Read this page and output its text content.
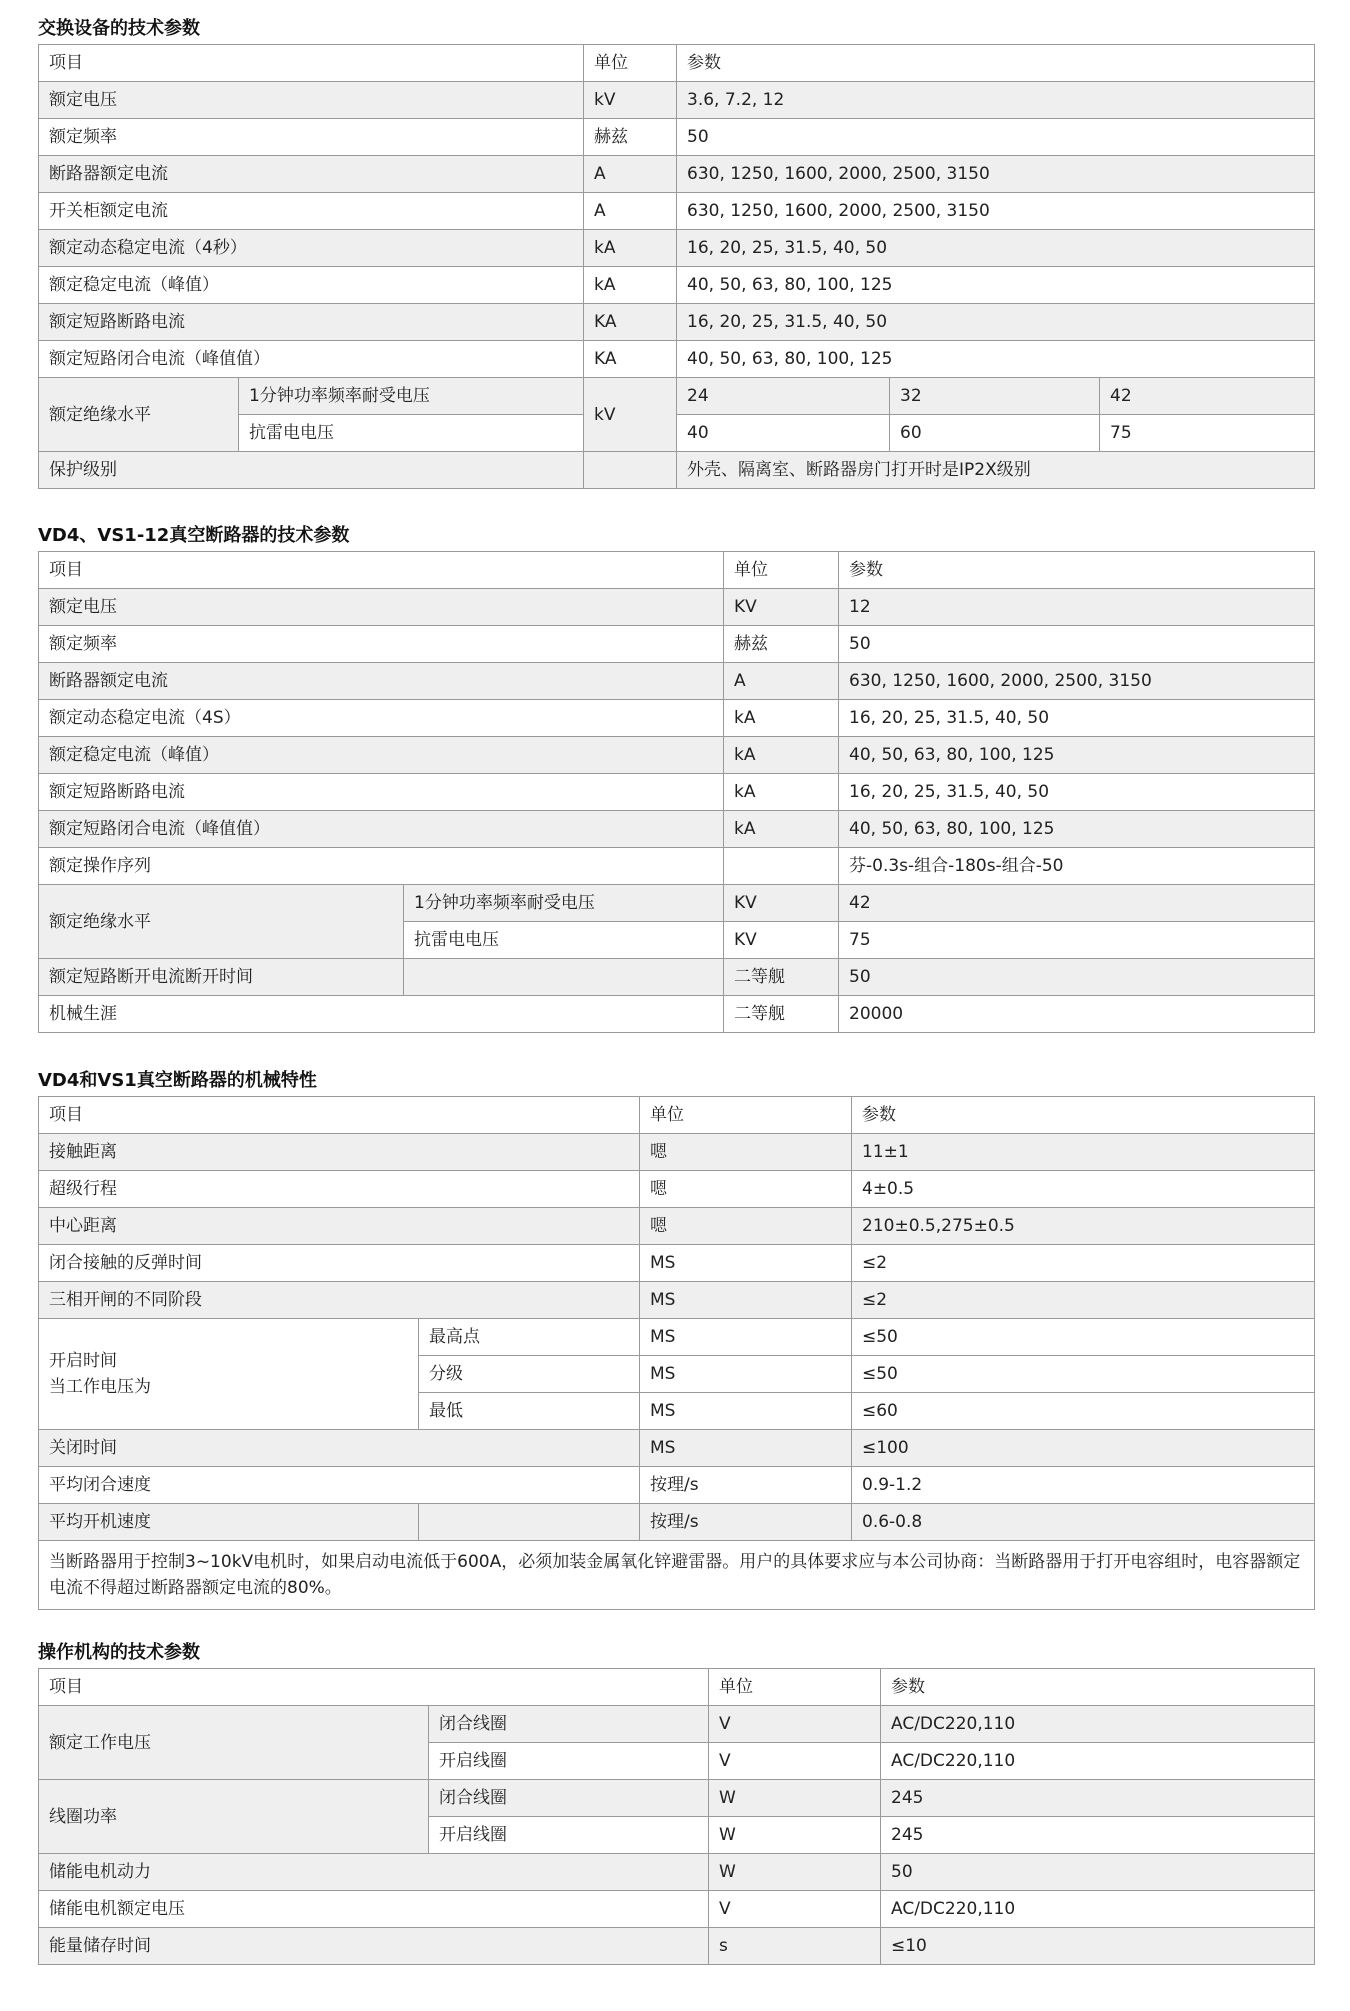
交换设备的技术参数
项目		单位	参数		
额定电压		kV	3.6, 7.2, 12		
额定频率		赫兹	50		
断路器额定电流		A	630, 1250, 1600, 2000, 2500, 3150		
开关柜额定电流		A	630, 1250, 1600, 2000, 2500, 3150		
额定动态稳定电流（4秒）		kA	16, 20, 25, 31.5, 40, 50		
额定稳定电流（峰值）		kA	40, 50, 63, 80, 100, 125		
额定短路断路电流		KA	16, 20, 25, 31.5, 40, 50		
额定短路闭合电流（峰值值）		KA	40, 50, 63, 80, 100, 125		
额定绝缘水平	1分钟功率频率耐受电压	kV	24	32	42
	抗雷电电压		40	60	75
保护级别			外壳、隔离室、断路器房门打开时是IP2X级别		
VD4、VS1-12真空断路器的技术参数
项目		单位	参数
额定电压		KV	12
额定频率		赫兹	50
断路器额定电流		A	630, 1250, 1600, 2000, 2500, 3150
额定动态稳定电流（4S）		kA	16, 20, 25, 31.5, 40, 50
额定稳定电流（峰值）		kA	40, 50, 63, 80, 100, 125
额定短路断路电流		kA	16, 20, 25, 31.5, 40, 50
额定短路闭合电流（峰值值）		kA	40, 50, 63, 80, 100, 125
额定操作序列			芬-0.3s-组合-180s-组合-50
额定绝缘水平	1分钟功率频率耐受电压	KV	42
	抗雷电电压	KV	75
额定短路断开电流断开时间		二等舰	50
机械生涯		二等舰	20000
VD4和VS1真空断路器的机械特性
项目		单位	参数
接触距离		嗯	11±1
超级行程		嗯	4±0.5
中心距离		嗯	210±0.5,275±0.5
闭合接触的反弹时间		MS	≤2
三相开闸的不同阶段		MS	≤2

开启时间
当工作电压为	最高点	MS	≤50
	分级	MS	≤50
	最低	MS	≤60
关闭时间		MS	≤100
平均闭合速度		按理/s	0.9-1.2
平均开机速度		按理/s	0.6-0.8
当断路器用于控制3~10kV电机时，如果启动电流低于600A，必须加装金属氧化锌避雷器。用户的具体要求应与本公司协商：当断路器用于打开电容组时，电容器额定电流不得超过断路器额定电流的80%。			
操作机构的技术参数
项目		单位	参数
额定工作电压	闭合线圈	V	AC/DC220,110
	开启线圈	V	AC/DC220,110
线圈功率	闭合线圈	W	245
	开启线圈	W	245
储能电机动力		W	50
储能电机额定电压		V	AC/DC220,110
能量储存时间		s	≤10
